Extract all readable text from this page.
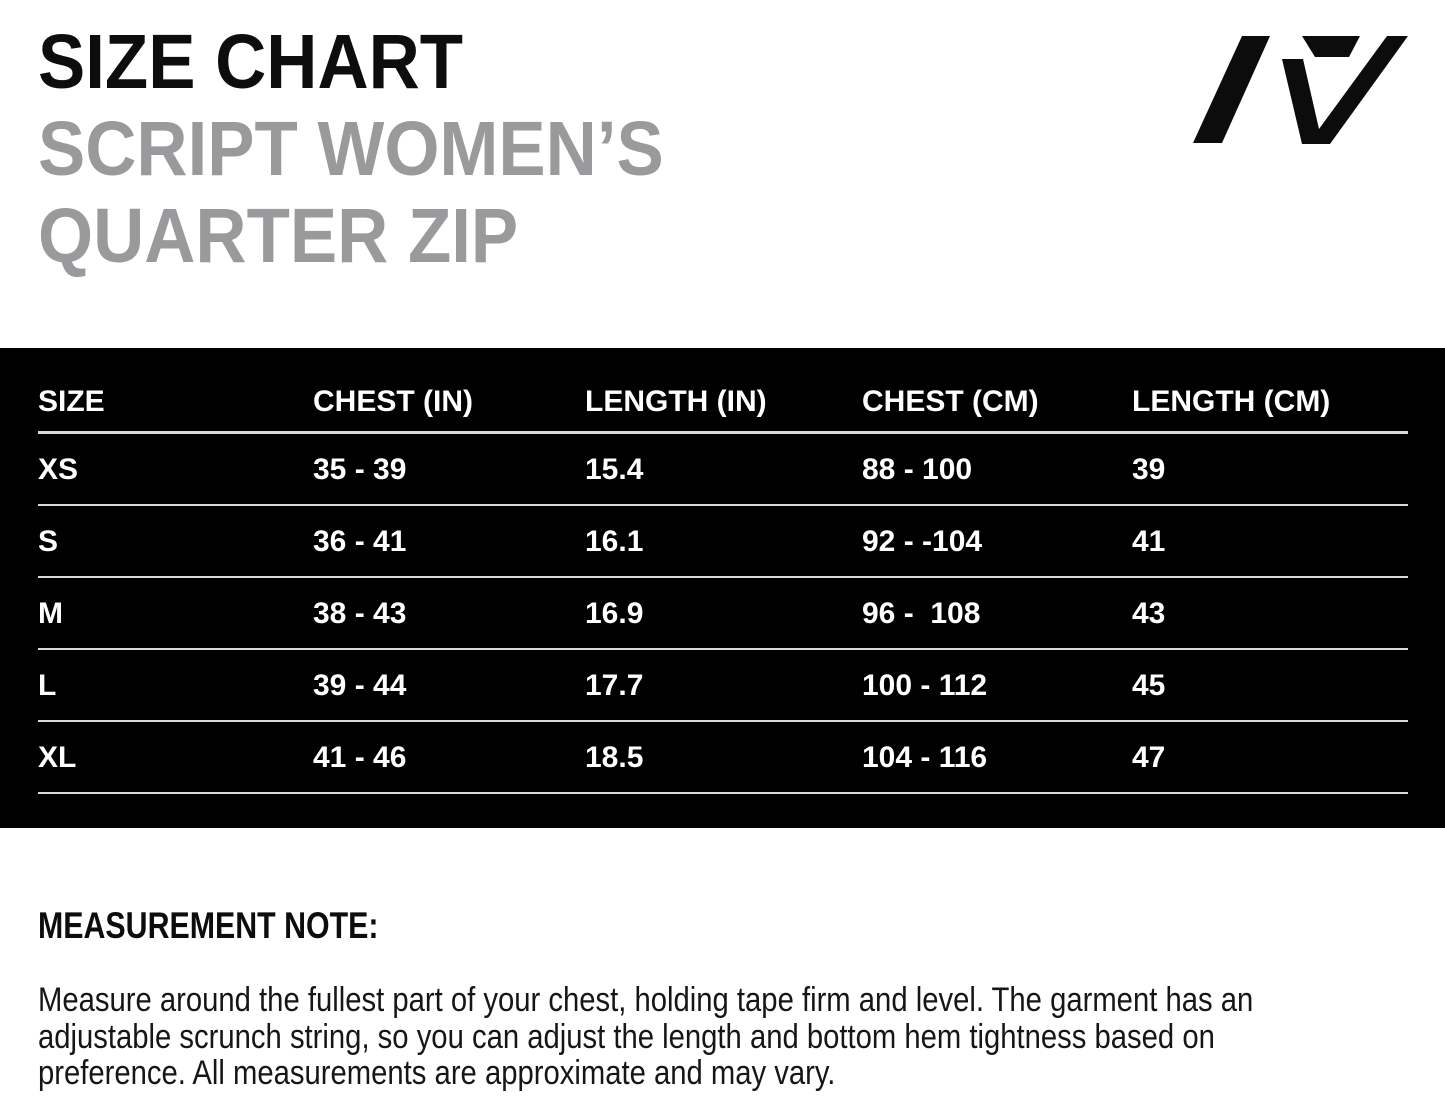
SIZE CHART
SCRIPT WOMEN’S
QUARTER ZIP
SIZE	CHEST (IN)	LENGTH (IN)	CHEST (CM)	LENGTH (CM)
XS	35 - 39	15.4	88 - 100	39
S	36 - 41	16.1	92 - -104	41
M	38 - 43	16.9	96 -  108	43
L	39 - 44	17.7	100 - 112	45
XL	41 - 46	18.5	104 - 116	47
MEASUREMENT NOTE:

Measure around the fullest part of your chest, holding tape firm and level. The garment has an

adjustable scrunch string, so you can adjust the length and bottom hem tightness based on

preference. All measurements are approximate and may vary.
